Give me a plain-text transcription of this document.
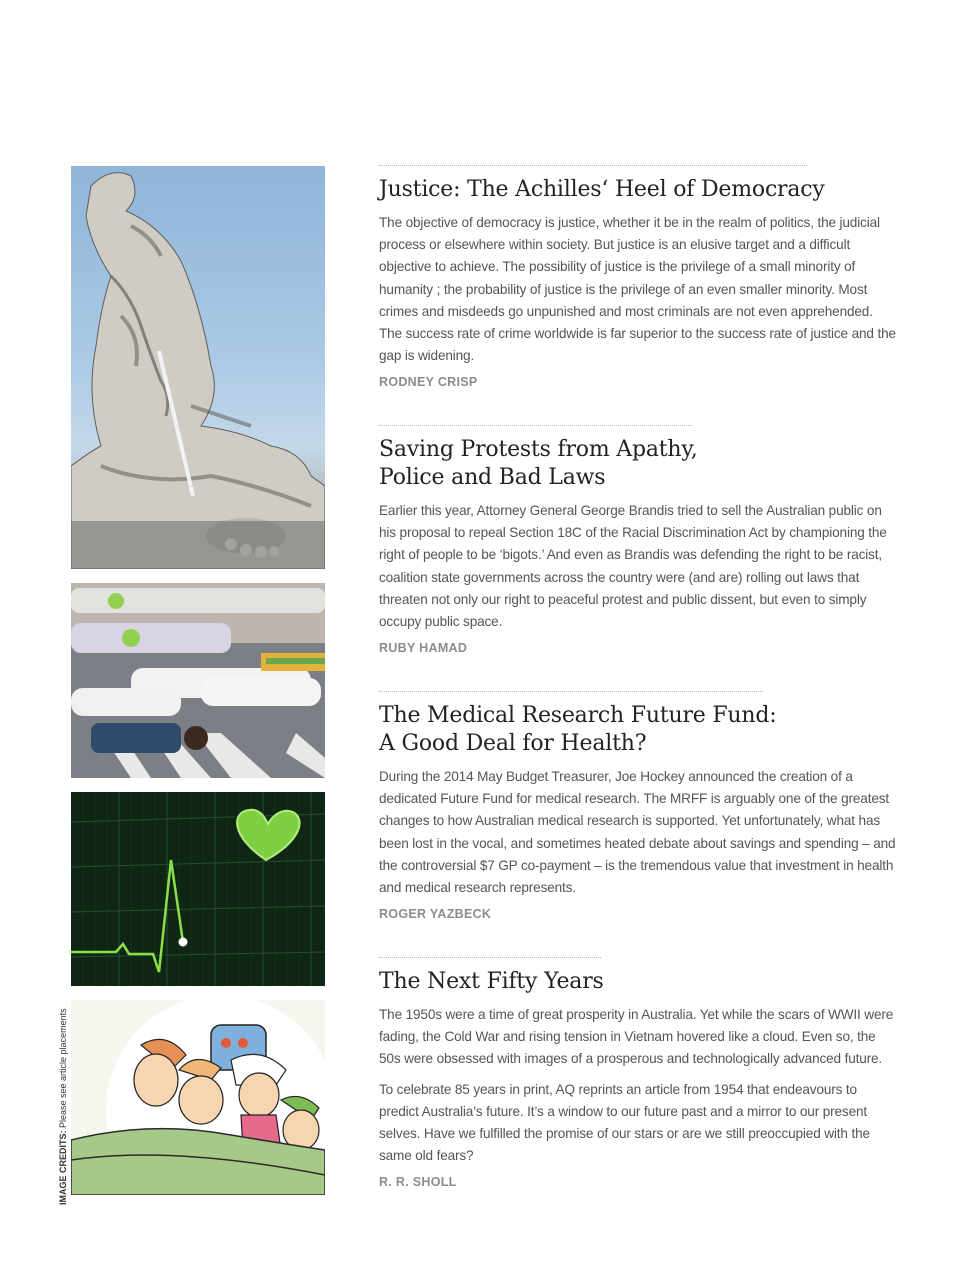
IMAGE CREDITS: Please see article placements
Justice: The Achilles‘ Heel of Democracy

The objective of democracy is justice, whether it be in the realm of politics, the judicial process or elsewhere within society. But justice is an elusive target and a difficult objective to achieve. The possibility of justice is the privilege of a small minority of humanity ; the probability of justice is the privilege of an even smaller minority. Most crimes and misdeeds go unpunished and most criminals are not even apprehended. The success rate of crime worldwide is far superior to the success rate of justice and the gap is widening.

RODNEY CRISP
Saving Protests from Apathy,
Police and Bad Laws

Earlier this year, Attorney General George Brandis tried to sell the Australian public on his proposal to repeal Section 18C of the Racial Discrimination Act by championing the right of people to be ‘bigots.’ And even as Brandis was defending the right to be racist, coalition state governments across the country were (and are) rolling out laws that threaten not only our right to peaceful protest and public dissent, but even to simply occupy public space.

RUBY HAMAD
The Medical Research Future Fund:
A Good Deal for Health?

During the 2014 May Budget Treasurer, Joe Hockey announced the creation of a dedicated Future Fund for medical research. The MRFF is arguably one of the greatest changes to how Australian medical research is supported. Yet unfortunately, what has been lost in the vocal, and sometimes heated debate about savings and spending – and the controversial $7 GP co-payment – is the tremendous value that investment in health and medical research represents.

ROGER YAZBECK
The Next Fifty Years

The 1950s were a time of great prosperity in Australia. Yet while the scars of WWII were fading, the Cold War and rising tension in Vietnam hovered like a cloud. Even so, the 50s were obsessed with images of a prosperous and technologically advanced future.

To celebrate 85 years in print, AQ reprints an article from 1954 that endeavours to predict Australia’s future. It’s a window to our future past and a mirror to our present selves. Have we fulfilled the promise of our stars or are we still preoccupied with the same old fears?

R. R. SHOLL
